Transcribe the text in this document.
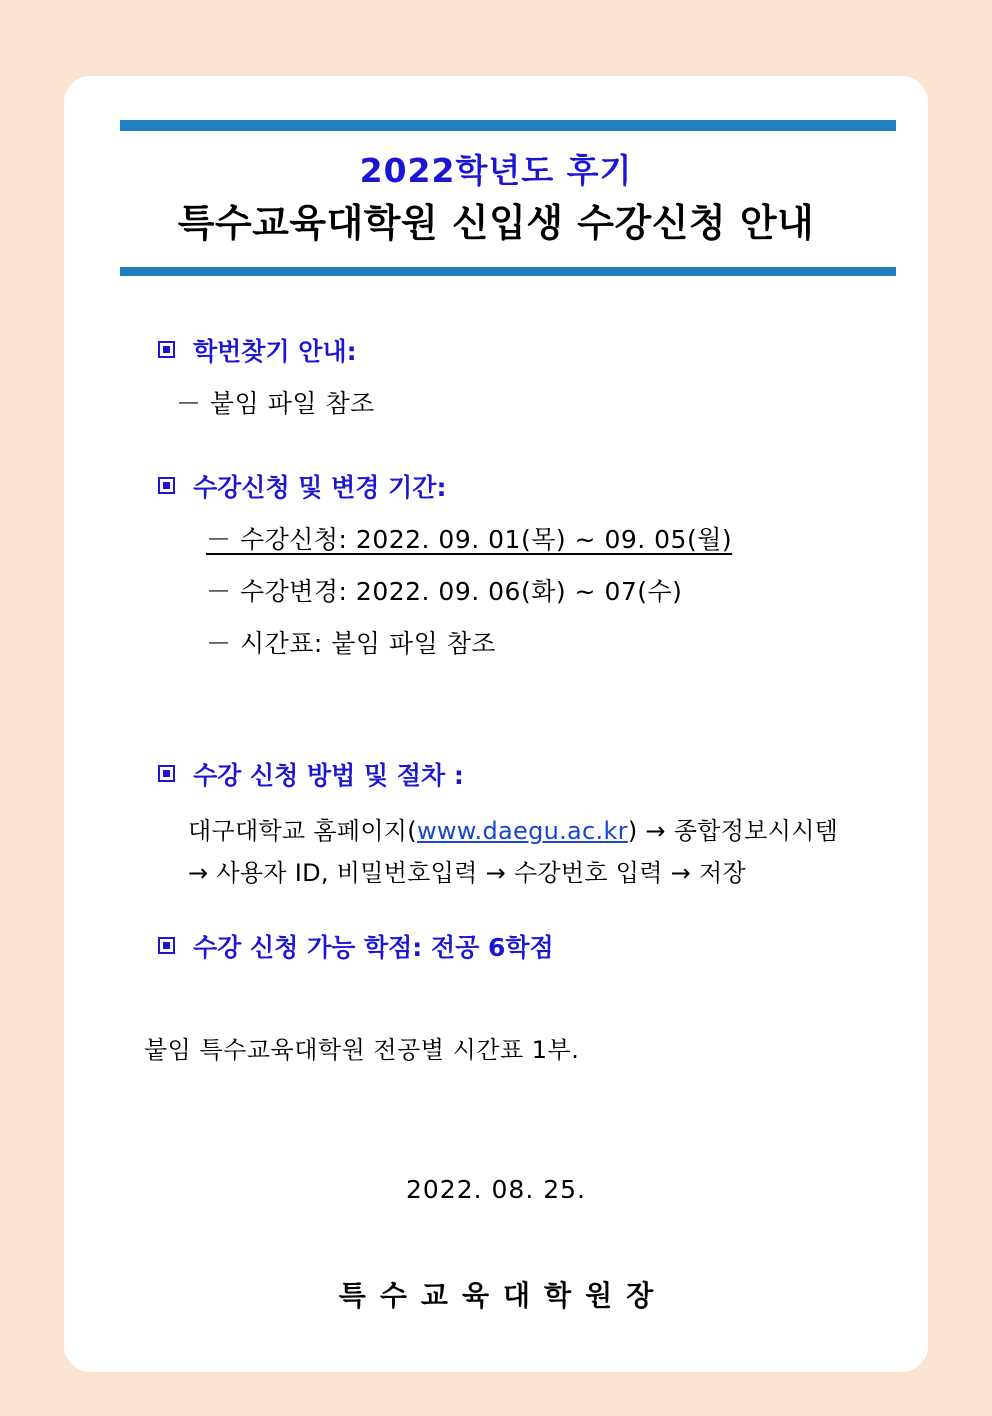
2022학년도 후기
특수교육대학원 신입생 수강신청 안내
학번찾기 안내:
－ 붙임 파일 참조
수강신청 및 변경 기간:
－ 수강신청: 2022. 09. 01(목) ~ 09. 05(월)
－ 수강변경: 2022. 09. 06(화) ~ 07(수)
－ 시간표: 붙임 파일 참조
수강 신청 방법 및 절차 :
대구대학교 홈페이지(www.daegu.ac.kr) → 종합정보시시템
→ 사용자 ID, 비밀번호입력 → 수강번호 입력 → 저장
수강 신청 가능 학점: 전공 6학점
붙임 특수교육대학원 전공별 시간표 1부.
2022. 08. 25.
특수교육대학원장
